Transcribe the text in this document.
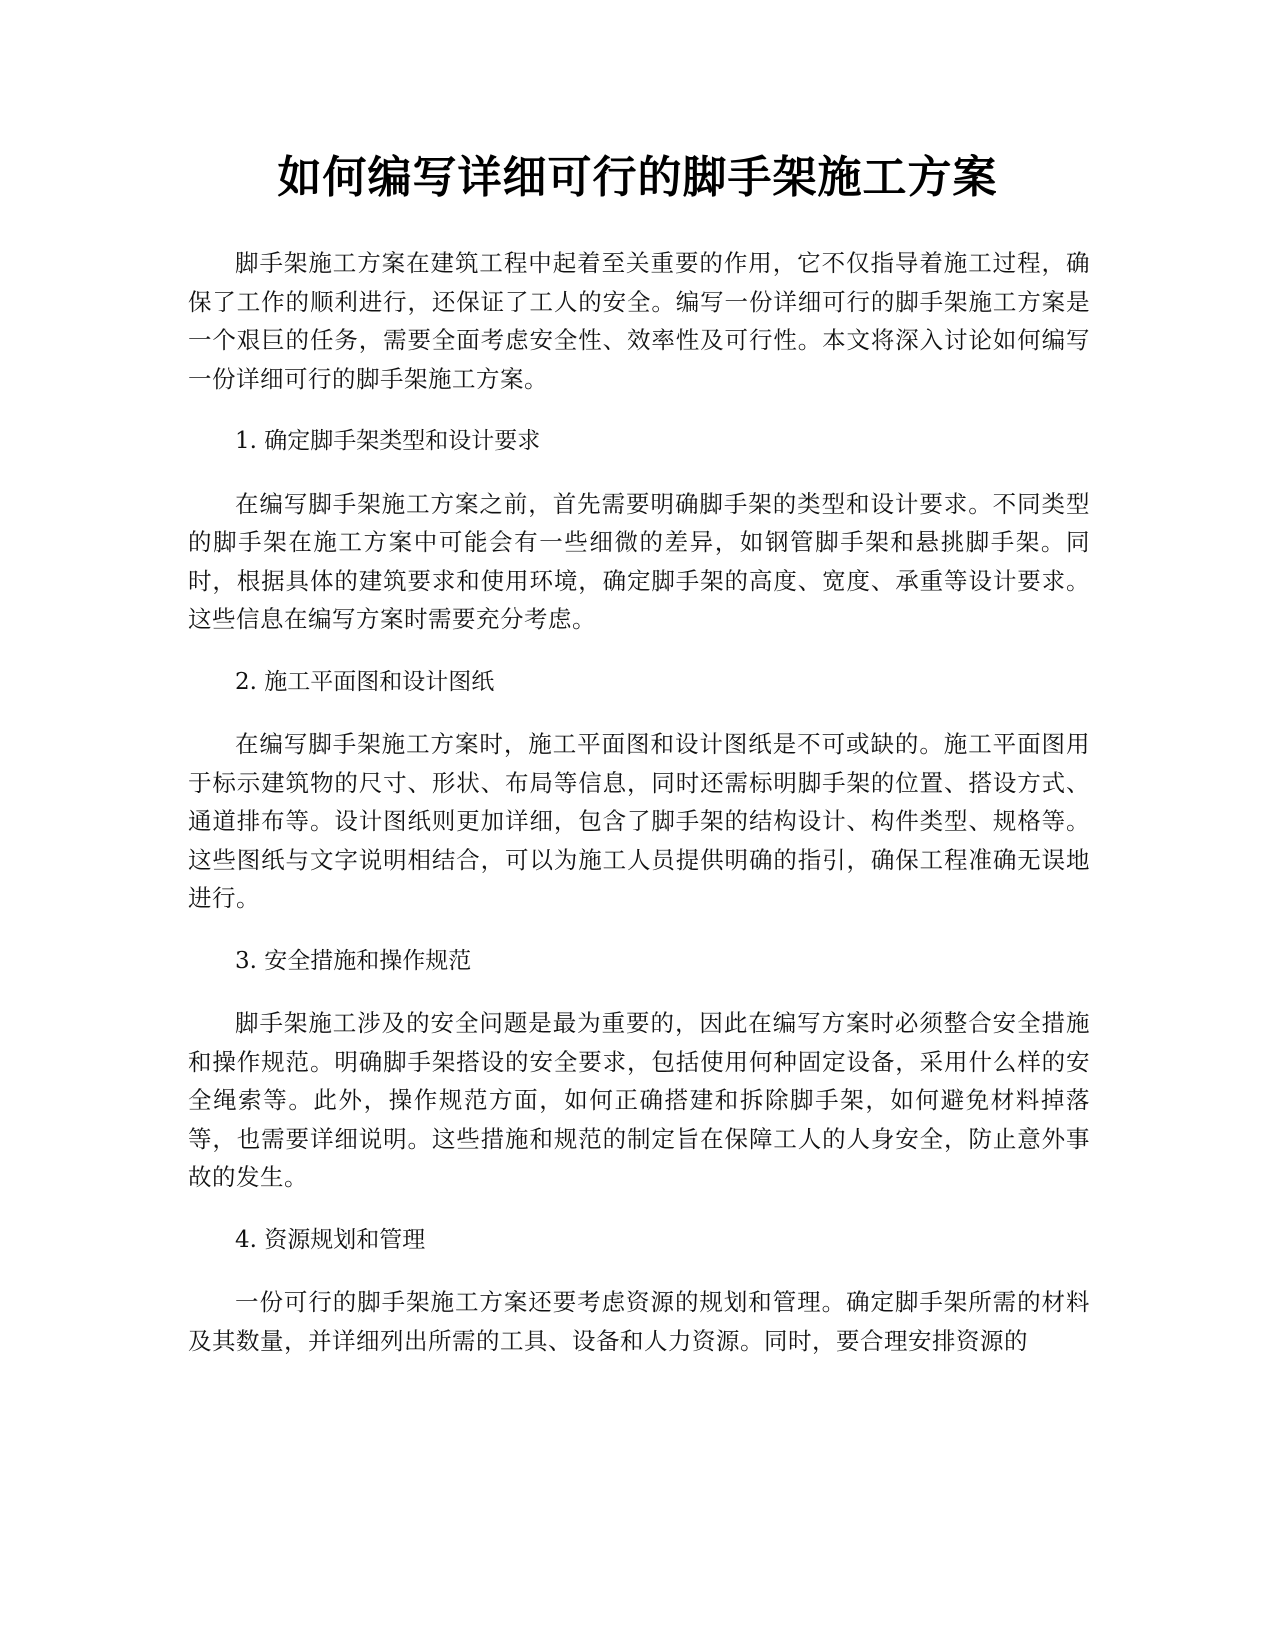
如何编写详细可行的脚手架施工方案

脚手架施工方案在建筑工程中起着至关重要的作用，它不仅指导着施工过程，确保了工作的顺利进行，还保证了工人的安全。编写一份详细可行的脚手架施工方案是一个艰巨的任务，需要全面考虑安全性、效率性及可行性。本文将深入讨论如何编写一份详细可行的脚手架施工方案。

1. 确定脚手架类型和设计要求

在编写脚手架施工方案之前，首先需要明确脚手架的类型和设计要求。不同类型的脚手架在施工方案中可能会有一些细微的差异，如钢管脚手架和悬挑脚手架。同时，根据具体的建筑要求和使用环境，确定脚手架的高度、宽度、承重等设计要求。这些信息在编写方案时需要充分考虑。

2. 施工平面图和设计图纸

在编写脚手架施工方案时，施工平面图和设计图纸是不可或缺的。施工平面图用于标示建筑物的尺寸、形状、布局等信息，同时还需标明脚手架的位置、搭设方式、通道排布等。设计图纸则更加详细，包含了脚手架的结构设计、构件类型、规格等。这些图纸与文字说明相结合，可以为施工人员提供明确的指引，确保工程准确无误地进行。

3. 安全措施和操作规范

脚手架施工涉及的安全问题是最为重要的，因此在编写方案时必须整合安全措施和操作规范。明确脚手架搭设的安全要求，包括使用何种固定设备，采用什么样的安全绳索等。此外，操作规范方面，如何正确搭建和拆除脚手架，如何避免材料掉落等，也需要详细说明。这些措施和规范的制定旨在保障工人的人身安全，防止意外事故的发生。

4. 资源规划和管理

一份可行的脚手架施工方案还要考虑资源的规划和管理。确定脚手架所需的材料及其数量，并详细列出所需的工具、设备和人力资源。同时，要合理安排资源的
